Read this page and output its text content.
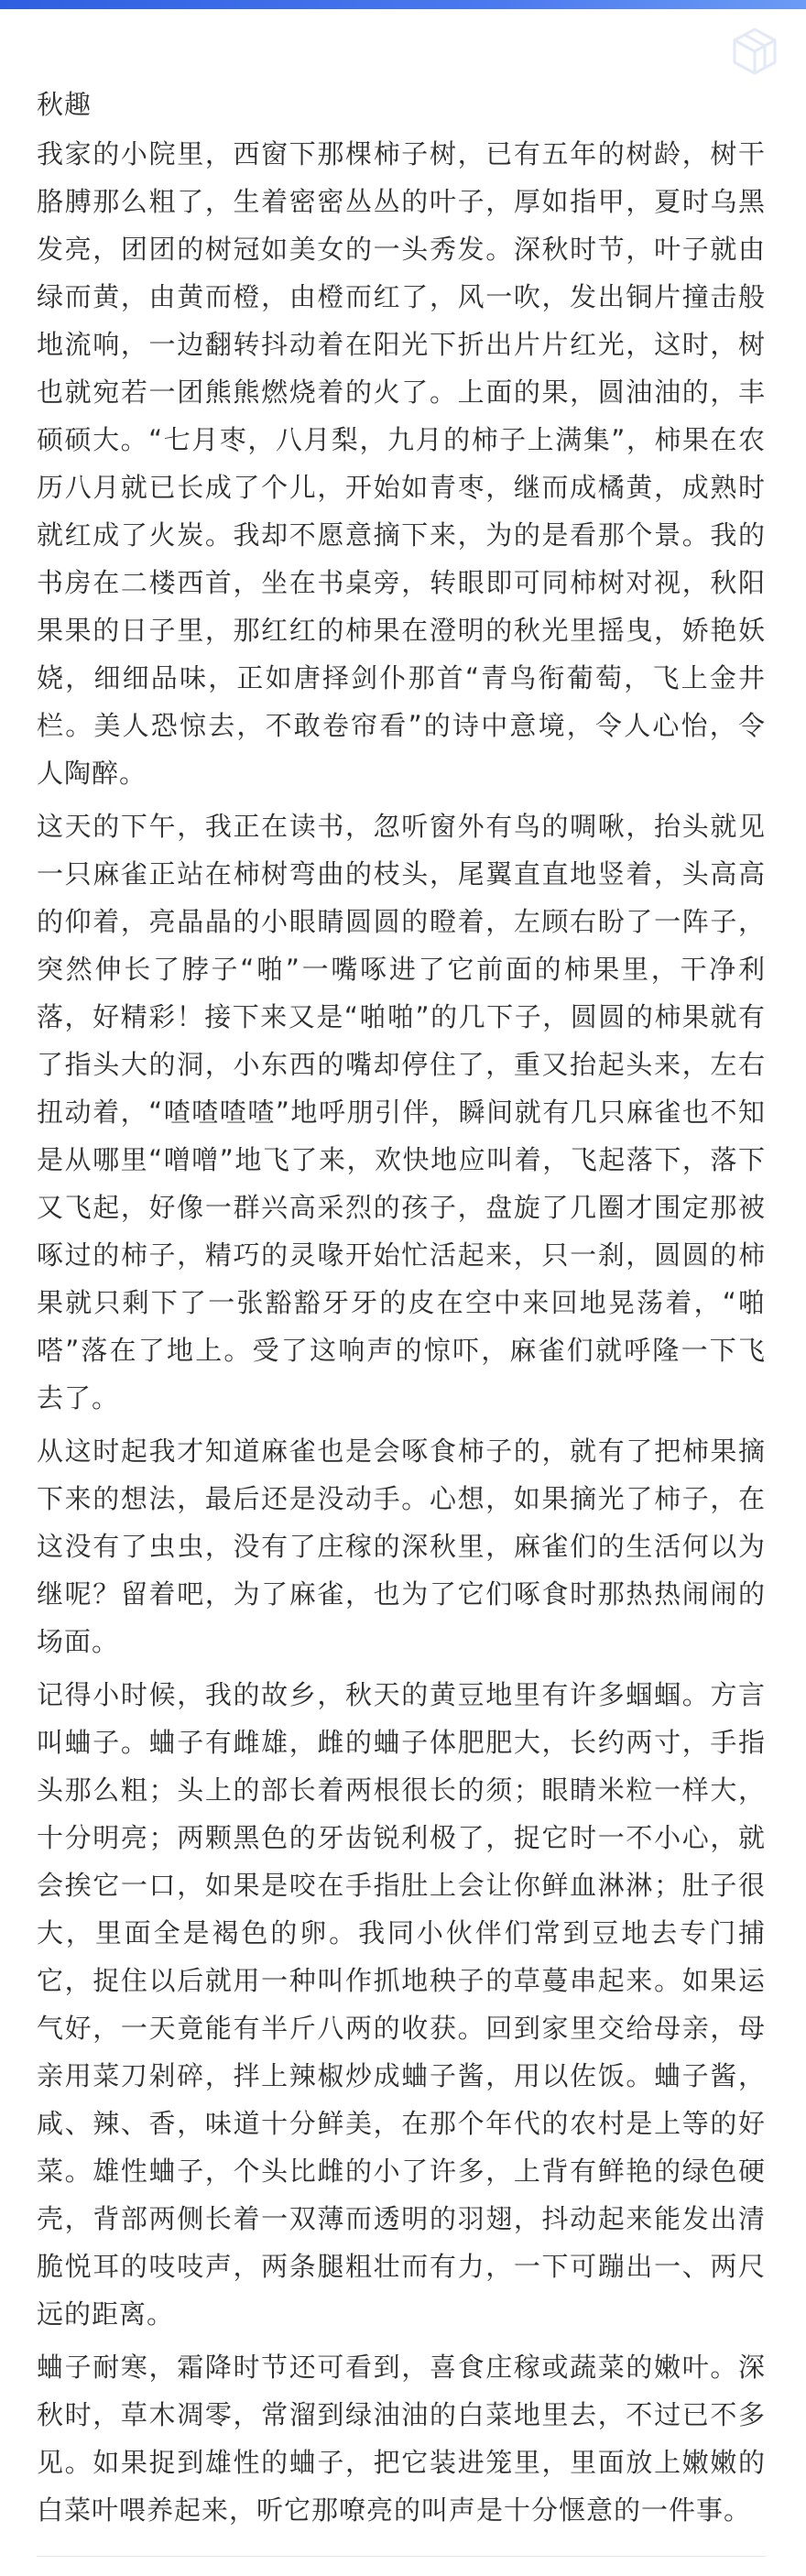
秋趣

我家的小院里，西窗下那棵柿子树，已有五年的树龄，树干胳膊那么粗了，生着密密丛丛的叶子，厚如指甲，夏时乌黑发亮，团团的树冠如美女的一头秀发。深秋时节，叶子就由绿而黄，由黄而橙，由橙而红了，风一吹，发出铜片撞击般地流响，一边翻转抖动着在阳光下折出片片红光，这时，树也就宛若一团熊熊燃烧着的火了。上面的果，圆油油的，丰硕硕大。“七月枣，八月梨，九月的柿子上满集”，柿果在农历八月就已长成了个儿，开始如青枣，继而成橘黄，成熟时就红成了火炭。我却不愿意摘下来，为的是看那个景。我的书房在二楼西首，坐在书桌旁，转眼即可同柿树对视，秋阳果果的日子里，那红红的柿果在澄明的秋光里摇曳，娇艳妖娆，细细品味，正如唐择剑仆那首“青鸟衔葡萄，飞上金井栏。美人恐惊去，不敢卷帘看”的诗中意境，令人心怡，令人陶醉。

这天的下午，我正在读书，忽听窗外有鸟的啁啾，抬头就见一只麻雀正站在柿树弯曲的枝头，尾翼直直地竖着，头高高的仰着，亮晶晶的小眼睛圆圆的瞪着，左顾右盼了一阵子，突然伸长了脖子“啪”一嘴啄进了它前面的柿果里，干净利落，好精彩！接下来又是“啪啪”的几下子，圆圆的柿果就有了指头大的洞，小东西的嘴却停住了，重又抬起头来，左右扭动着，“喳喳喳喳”地呼朋引伴，瞬间就有几只麻雀也不知是从哪里“噌噌”地飞了来，欢快地应叫着，飞起落下，落下又飞起，好像一群兴高采烈的孩子，盘旋了几圈才围定那被啄过的柿子，精巧的灵喙开始忙活起来，只一刹，圆圆的柿果就只剩下了一张豁豁牙牙的皮在空中来回地晃荡着，“啪嗒”落在了地上。受了这响声的惊吓，麻雀们就呼隆一下飞去了。

从这时起我才知道麻雀也是会啄食柿子的，就有了把柿果摘下来的想法，最后还是没动手。心想，如果摘光了柿子，在这没有了虫虫，没有了庄稼的深秋里，麻雀们的生活何以为继呢？留着吧，为了麻雀，也为了它们啄食时那热热闹闹的场面。

记得小时候，我的故乡，秋天的黄豆地里有许多蝈蝈。方言叫蛐子。蛐子有雌雄，雌的蛐子体肥肥大，长约两寸，手指头那么粗；头上的部长着两根很长的须；眼睛米粒一样大，十分明亮；两颗黑色的牙齿锐利极了，捉它时一不小心，就会挨它一口，如果是咬在手指肚上会让你鲜血淋淋；肚子很大，里面全是褐色的卵。我同小伙伴们常到豆地去专门捕它，捉住以后就用一种叫作抓地秧子的草蔓串起来。如果运气好，一天竟能有半斤八两的收获。回到家里交给母亲，母亲用菜刀剁碎，拌上辣椒炒成蛐子酱，用以佐饭。蛐子酱，咸、辣、香，味道十分鲜美，在那个年代的农村是上等的好菜。雄性蛐子，个头比雌的小了许多，上背有鲜艳的绿色硬壳，背部两侧长着一双薄而透明的羽翅，抖动起来能发出清脆悦耳的吱吱声，两条腿粗壮而有力，一下可蹦出一、两尺远的距离。

蛐子耐寒，霜降时节还可看到，喜食庄稼或蔬菜的嫩叶。深秋时，草木凋零，常溜到绿油油的白菜地里去，不过已不多见。如果捉到雄性的蛐子，把它装进笼里，里面放上嫩嫩的白菜叶喂养起来，听它那嘹亮的叫声是十分惬意的一件事。
